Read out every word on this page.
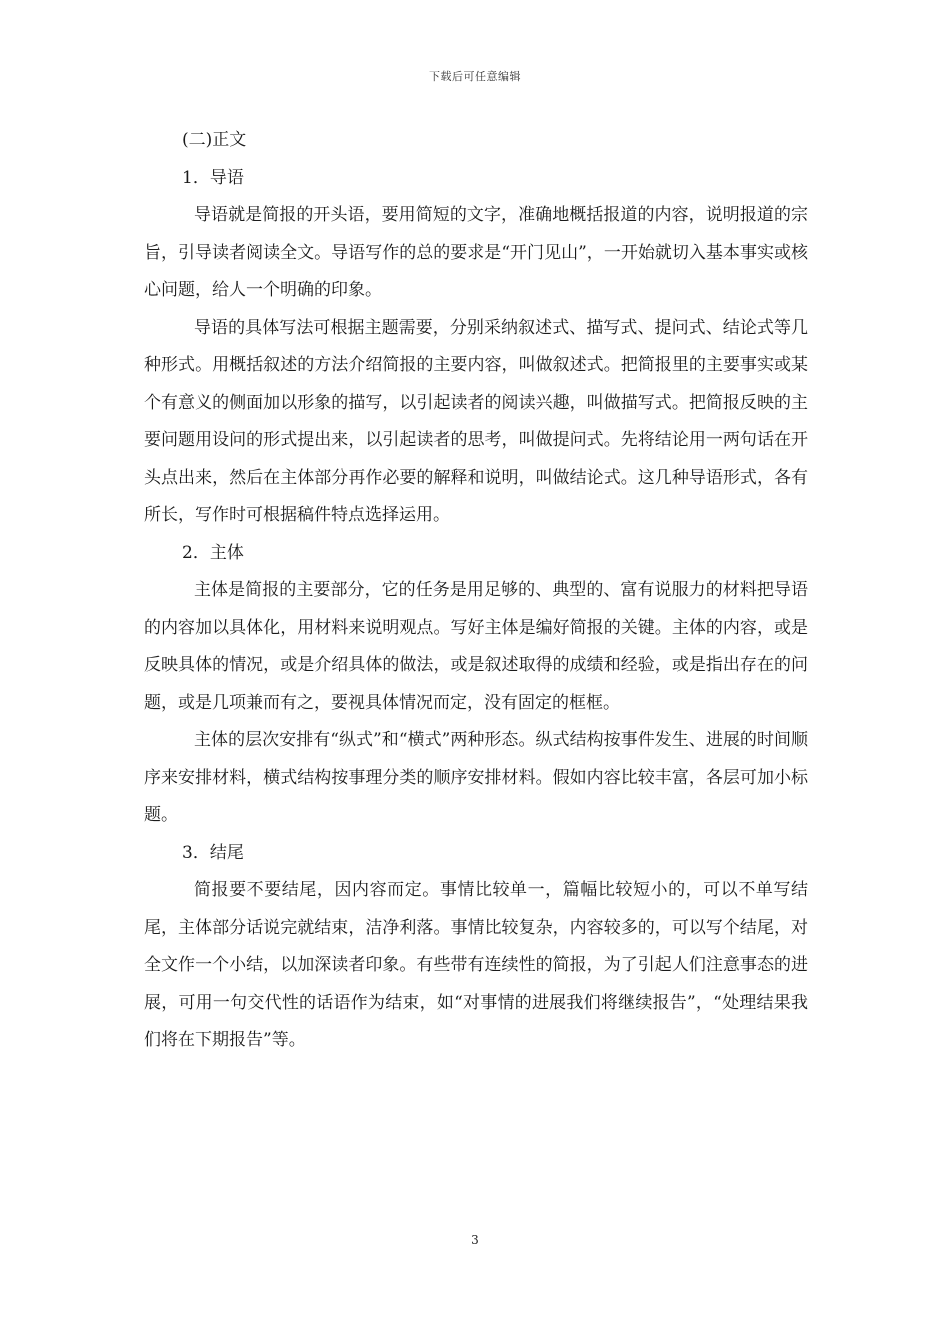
下载后可任意编辑
(二)正文
1．导语

导语就是简报的开头语，要用简短的文字，准确地概括报道的内容，说明报道的宗旨，引导读者阅读全文。导语写作的总的要求是“开门见山”，一开始就切入基本事实或核心问题，给人一个明确的印象。

导语的具体写法可根据主题需要，分别采纳叙述式、描写式、提问式、结论式等几种形式。用概括叙述的方法介绍简报的主要内容，叫做叙述式。把简报里的主要事实或某个有意义的侧面加以形象的描写，以引起读者的阅读兴趣，叫做描写式。把简报反映的主要问题用设问的形式提出来，以引起读者的思考，叫做提问式。先将结论用一两句话在开头点出来，然后在主体部分再作必要的解释和说明，叫做结论式。这几种导语形式，各有所长，写作时可根据稿件特点选择运用。

2．主体

主体是简报的主要部分，它的任务是用足够的、典型的、富有说服力的材料把导语的内容加以具体化，用材料来说明观点。写好主体是编好简报的关键。主体的内容，或是反映具体的情况，或是介绍具体的做法，或是叙述取得的成绩和经验，或是指出存在的问题，或是几项兼而有之，要视具体情况而定，没有固定的框框。

主体的层次安排有“纵式”和“横式”两种形态。纵式结构按事件发生、进展的时间顺序来安排材料，横式结构按事理分类的顺序安排材料。假如内容比较丰富，各层可加小标题。

3．结尾

简报要不要结尾，因内容而定。事情比较单一，篇幅比较短小的，可以不单写结尾，主体部分话说完就结束，洁净利落。事情比较复杂，内容较多的，可以写个结尾，对全文作一个小结，以加深读者印象。有些带有连续性的简报，为了引起人们注意事态的进展，可用一句交代性的话语作为结束，如“对事情的进展我们将继续报告”，“处理结果我们将在下期报告”等。

3
